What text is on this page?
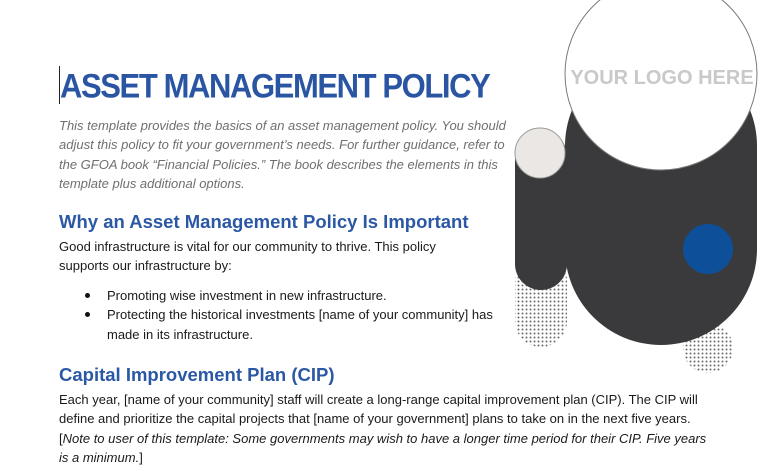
ASSET MANAGEMENT POLICY

This template provides the basics of an asset management policy. You should adjust this policy to fit your government’s needs. For further guidance, refer to the GFOA book “Financial Policies.” The book describes the elements in this template plus additional options.

Why an Asset Management Policy Is Important

Good infrastructure is vital for our community to thrive. This policy supports our infrastructure by:

Promoting wise investment in new infrastructure.
Protecting the historical investments [name of your community] has made in its infrastructure.
Capital Improvement Plan (CIP)

Each year, [name of your community] staff will create a long-range capital improvement plan (CIP). The CIP will define and prioritize the capital projects that [name of your government] plans to take on in the next five years. [Note to user of this template: Some governments may wish to have a longer time period for their CIP. Five years is a minimum.]

YOUR LOGO HERE
